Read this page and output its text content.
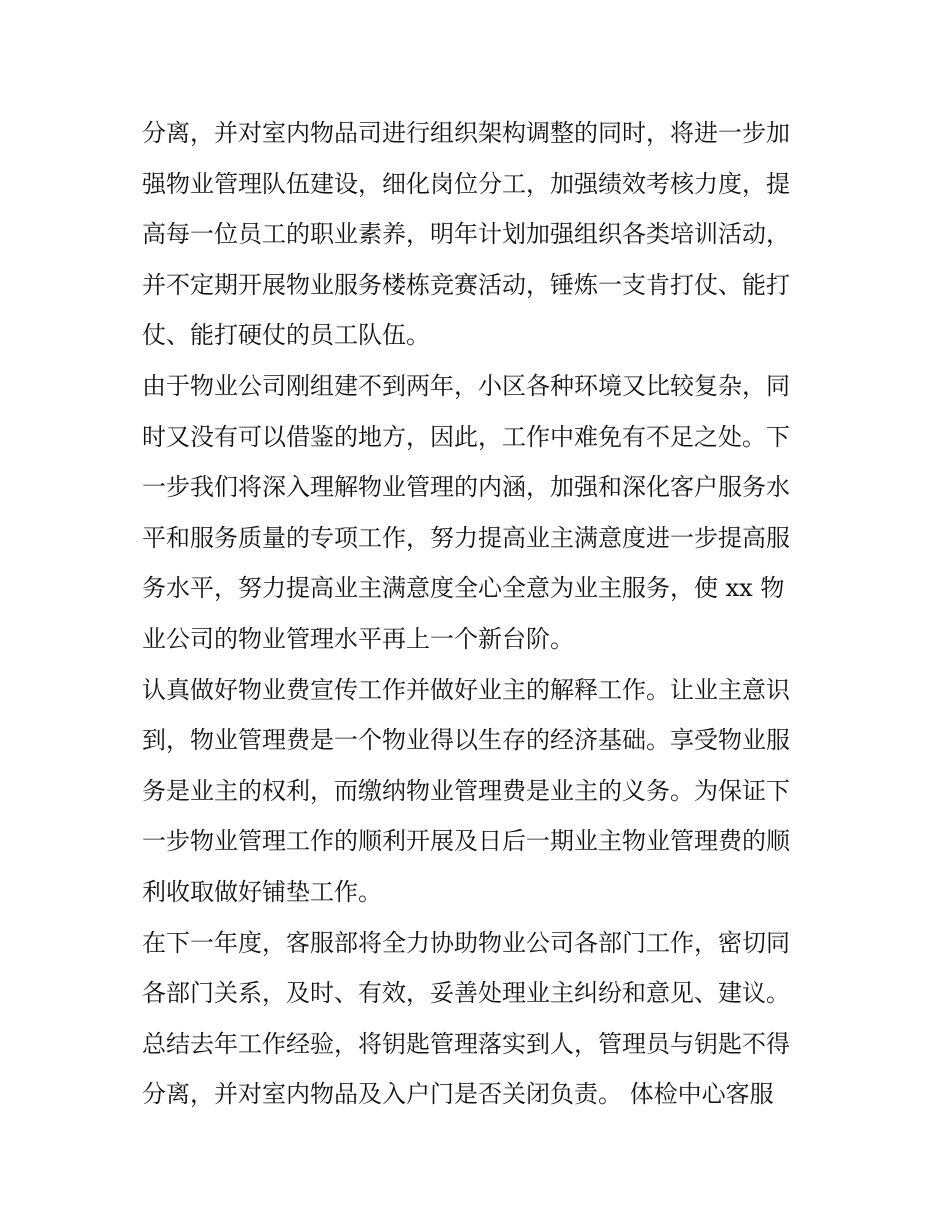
分离，并对室内物品司进行组织架构调整的同时，将进一步加
强物业管理队伍建设，细化岗位分工，加强绩效考核力度，提
高每一位员工的职业素养，明年计划加强组织各类培训活动，
并不定期开展物业服务楼栋竞赛活动，锤炼一支肯打仗、能打
仗、能打硬仗的员工队伍。
由于物业公司刚组建不到两年，小区各种环境又比较复杂，同
时又没有可以借鉴的地方，因此，工作中难免有不足之处。下
一步我们将深入理解物业管理的内涵，加强和深化客户服务水
平和服务质量的专项工作，努力提高业主满意度进一步提高服
务水平，努力提高业主满意度全心全意为业主服务，使 xx 物
业公司的物业管理水平再上一个新台阶。
认真做好物业费宣传工作并做好业主的解释工作。让业主意识
到，物业管理费是一个物业得以生存的经济基础。享受物业服
务是业主的权利，而缴纳物业管理费是业主的义务。为保证下
一步物业管理工作的顺利开展及日后一期业主物业管理费的顺
利收取做好铺垫工作。
在下一年度，客服部将全力协助物业公司各部门工作，密切同
各部门关系，及时、有效，妥善处理业主纠纷和意见、建议。
总结去年工作经验，将钥匙管理落实到人，管理员与钥匙不得
分离，并对室内物品及入户门是否关闭负责。 体检中心客服
